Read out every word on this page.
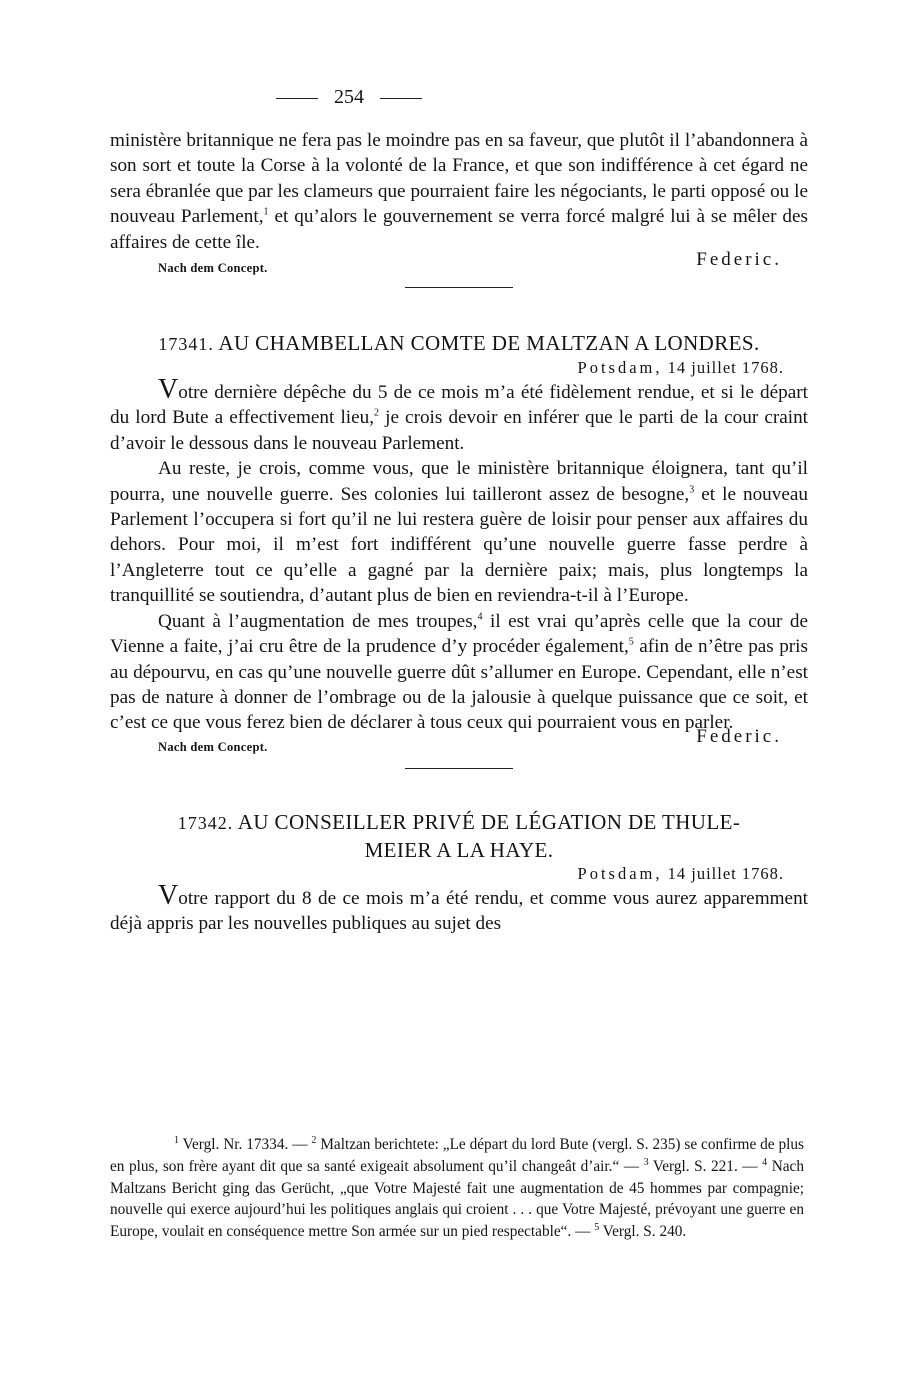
254

ministère britannique ne fera pas le moindre pas en sa faveur, que plutôt il l’abandonnera à son sort et toute la Corse à la volonté de la France, et que son indifférence à cet égard ne sera ébranlée que par les clameurs que pourraient faire les négociants, le parti opposé ou le nouveau Parlement,$^1$ et qu’alors le gouvernement se verra forcé malgré lui à se mêler des affaires de cette île.

Nach dem Concept.	Federic.
17341. AU CHAMBELLAN COMTE DE MALTZAN A LONDRES.
Potsdam, 14 juillet 1768.

Votre dernière dépêche du 5 de ce mois m’a été fidèlement rendue, et si le départ du lord Bute a effectivement lieu,$^2$ je crois devoir en inférer que le parti de la cour craint d’avoir le dessous dans le nouveau Parlement.

Au reste, je crois, comme vous, que le ministère britannique éloignera, tant qu’il pourra, une nouvelle guerre. Ses colonies lui tailleront assez de besogne,$^3$ et le nouveau Parlement l’occupera si fort qu’il ne lui restera guère de loisir pour penser aux affaires du dehors. Pour moi, il m’est fort indifférent qu’une nouvelle guerre fasse perdre à l’Angleterre tout ce qu’elle a gagné par la dernière paix; mais, plus longtemps la tranquillité se soutiendra, d’autant plus de bien en reviendra-t-il à l’Europe.

Quant à l’augmentation de mes troupes,$^4$ il est vrai qu’après celle que la cour de Vienne a faite, j’ai cru être de la prudence d’y procéder également,$^5$ afin de n’être pas pris au dépourvu, en cas qu’une nouvelle guerre dût s’allumer en Europe. Cependant, elle n’est pas de nature à donner de l’ombrage ou de la jalousie à quelque puissance que ce soit, et c’est ce que vous ferez bien de déclarer à tous ceux qui pourraient vous en parler.

Nach dem Concept.	Federic.
17342. AU CONSEILLER PRIVÉ DE LÉGATION DE THULE-
MEIER A LA HAYE.
Potsdam, 14 juillet 1768.

Votre rapport du 8 de ce mois m’a été rendu, et comme vous aurez apparemment déjà appris par les nouvelles publiques au sujet des

$^1$ Vergl. Nr. 17334. — $^2$ Maltzan berichtete: „Le départ du lord Bute (vergl. S. 235) se confirme de plus en plus, son frère ayant dit que sa santé exigeait absolument qu’il changeât d’air.“ — $^3$ Vergl. S. 221. — $^4$ Nach Maltzans Bericht ging das Gerücht, „que Votre Majesté fait une augmentation de 45 hommes par compagnie; nouvelle qui exerce aujourd’hui les politiques anglais qui croient . . . que Votre Majesté, prévoyant une guerre en Europe, voulait en conséquence mettre Son armée sur un pied respectable“. — $^5$ Vergl. S. 240.
